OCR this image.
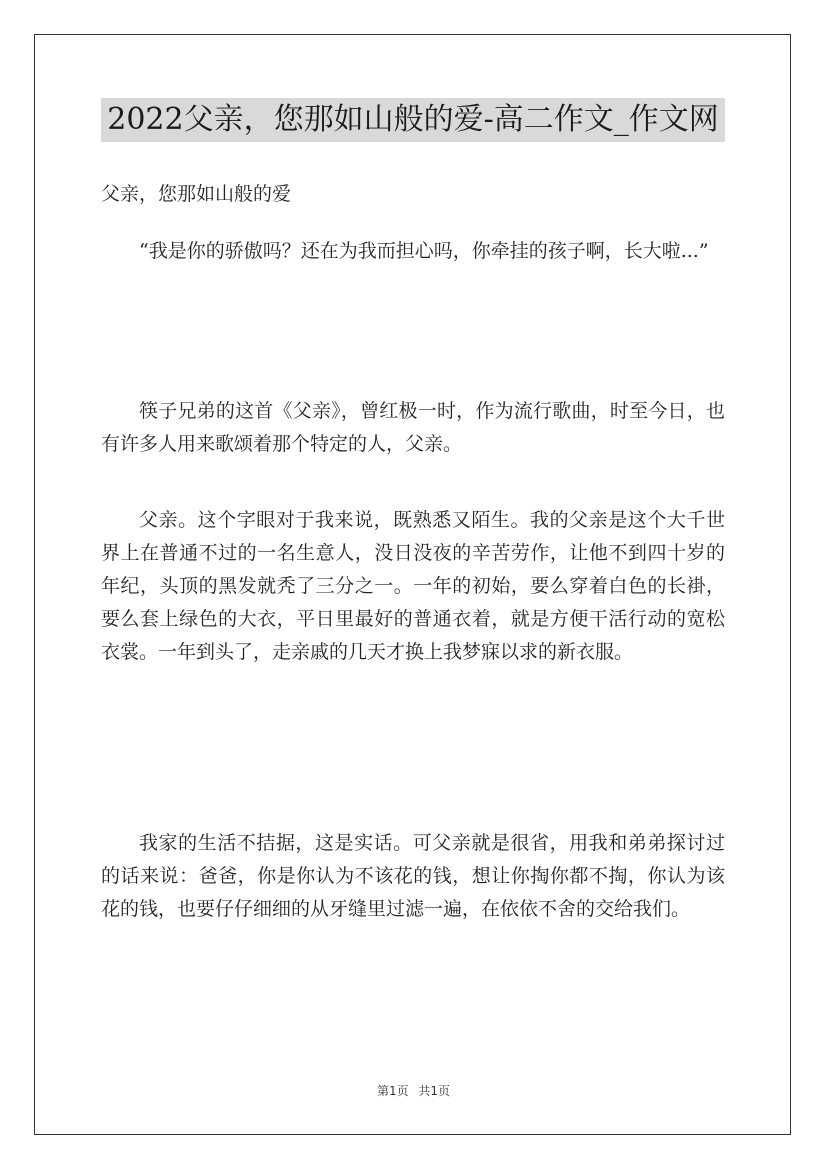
2022父亲，您那如山般的爱-高二作文_作文网
父亲，您那如山般的爱

“我是你的骄傲吗？还在为我而担心吗，你牵挂的孩子啊，长大啦...”

筷子兄弟的这首《父亲》，曾红极一时，作为流行歌曲，时至今日，也有许多人用来歌颂着那个特定的人，父亲。

父亲。这个字眼对于我来说，既熟悉又陌生。我的父亲是这个大千世界上在普通不过的一名生意人，没日没夜的辛苦劳作，让他不到四十岁的年纪，头顶的黑发就秃了三分之一。一年的初始，要么穿着白色的长褂，要么套上绿色的大衣，平日里最好的普通衣着，就是方便干活行动的宽松衣裳。一年到头了，走亲戚的几天才换上我梦寐以求的新衣服。

我家的生活不拮据，这是实话。可父亲就是很省，用我和弟弟探讨过的话来说：爸爸，你是你认为不该花的钱，想让你掏你都不掏，你认为该花的钱，也要仔仔细细的从牙缝里过滤一遍，在依依不舍的交给我们。

第1页 共1页
